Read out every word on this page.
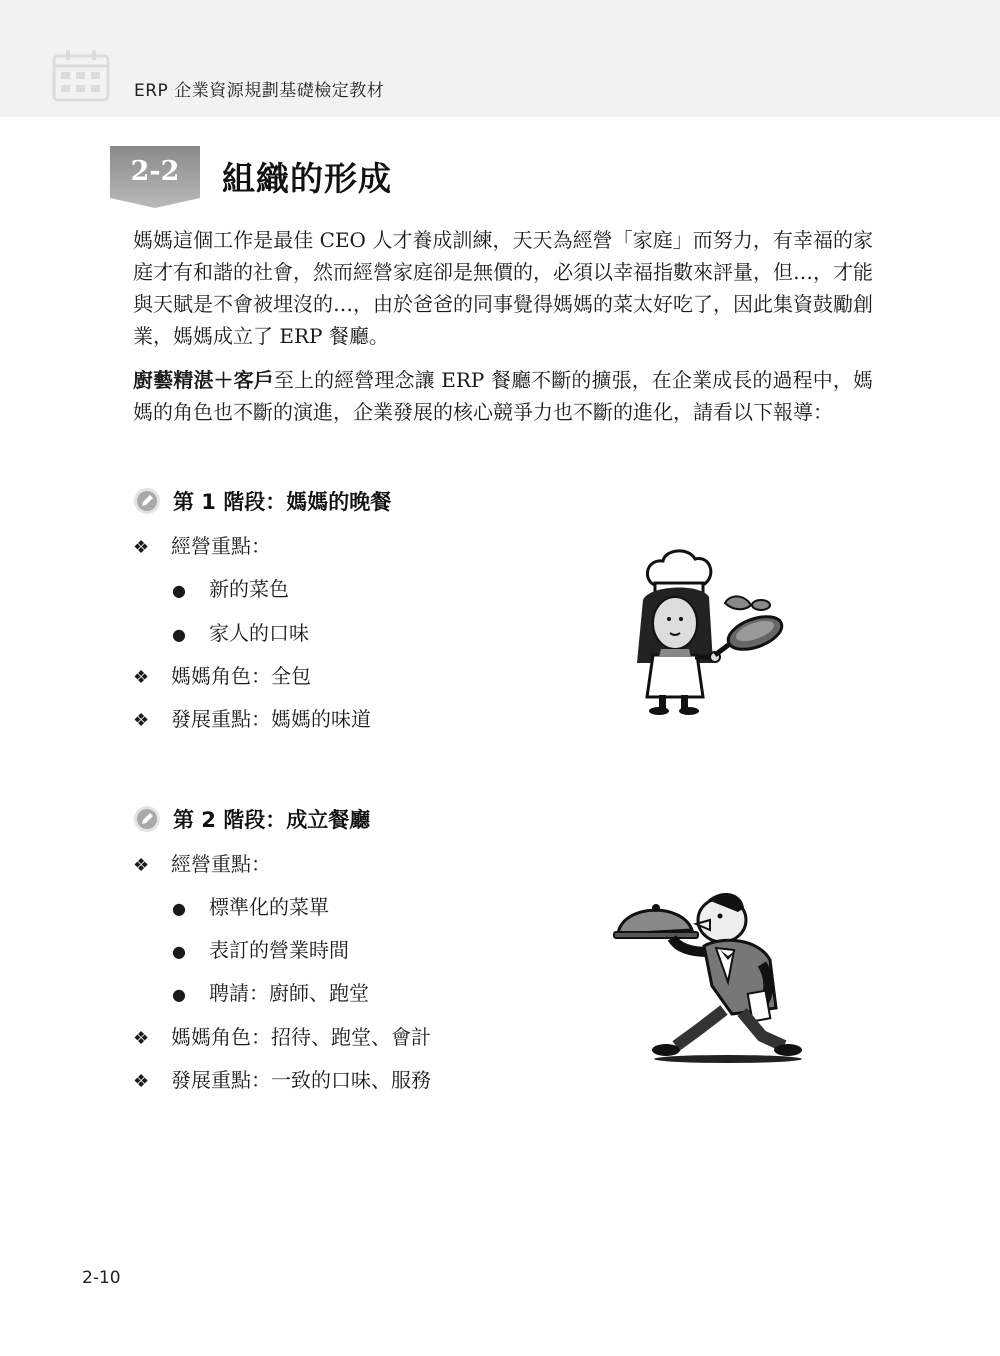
ERP 企業資源規劃基礎檢定教材
2-2	組織的形成

媽媽這個工作是最佳 CEO 人才養成訓練，天天為經營「家庭」而努力，有幸福的家庭才有和諧的社會，然而經營家庭卻是無價的，必須以幸福指數來評量，但…，才能與天賦是不會被埋沒的…，由於爸爸的同事覺得媽媽的菜太好吃了，因此集資鼓勵創業，媽媽成立了 ERP 餐廳。

廚藝精湛＋客戶至上的經營理念讓 ERP 餐廳不斷的擴張，在企業成長的過程中，媽媽的角色也不斷的演進，企業發展的核心競爭力也不斷的進化，請看以下報導：

第 1 階段：媽媽的晚餐
❖ 經營重點：
● 新的菜色
● 家人的口味
❖ 媽媽角色：全包
❖ 發展重點：媽媽的味道
第 2 階段：成立餐廳
❖ 經營重點：
● 標準化的菜單
● 表訂的營業時間
● 聘請：廚師、跑堂
❖ 媽媽角色：招待、跑堂、會計
❖ 發展重點：一致的口味、服務
2-10
